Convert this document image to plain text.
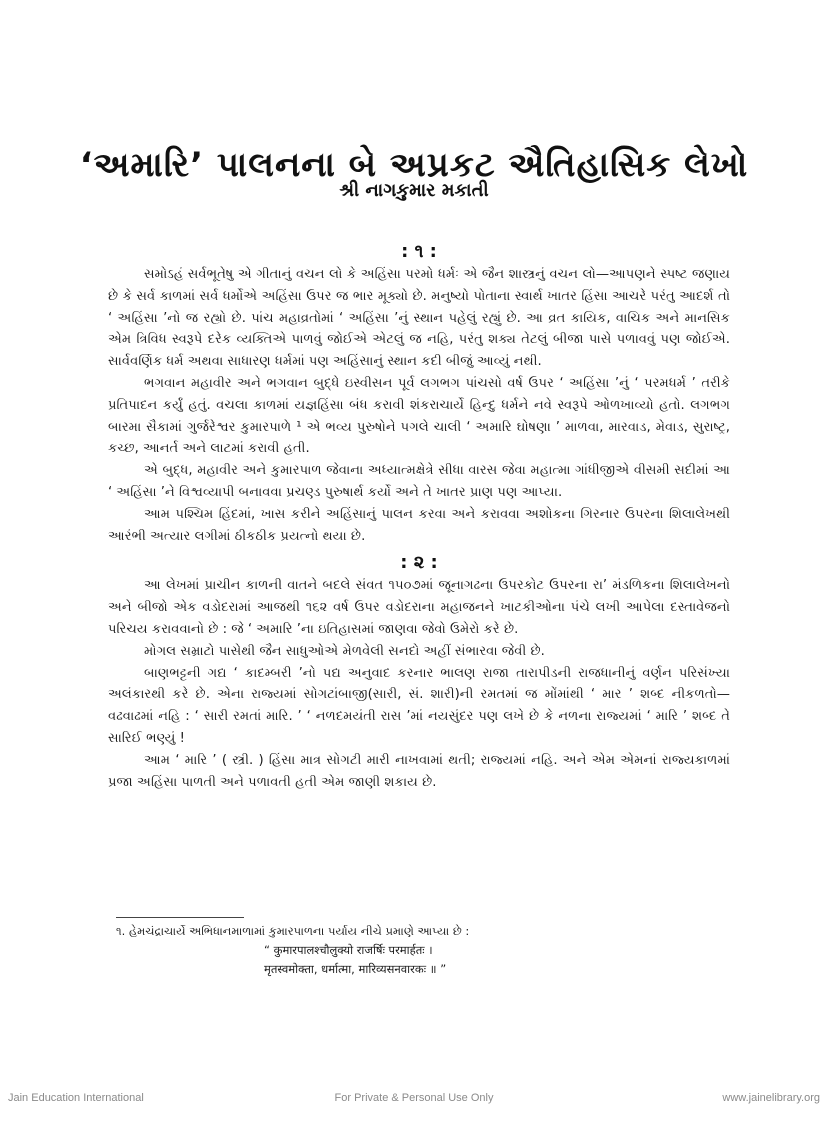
‘અમારિ’ પાલનના બે અપ્રકટ ઐતિહાસિક લેખો
શ્રી નાગકુમાર મકાતી
: ૧ :

સમોઽહં સર્વભૂતેષુ એ ગીતાનું વચન લો કે અહિંસા પરમો ધર્મઃ એ જૈન શાસ્ત્રનું વચન લો—આપણને સ્પષ્ટ જણાય છે કે સર્વ કાળમાં સર્વ ધર્મોએ અહિંસા ઉપર જ ભાર મૂક્યો છે. મનુષ્યો પોતાના સ્વાર્થ ખાતર હિંસા આચરે પરંતુ આદર્શ તો ‘ અહિંસા ’નો જ રહ્યો છે. પાંચ મહાવ્રતોમાં ‘ અહિંસા ’નું સ્થાન પહેલું રહ્યું છે. આ વ્રત કાયિક, વાચિક અને માનસિક એમ ત્રિવિધ સ્વરૂપે દરેક વ્યક્તિએ પાળવું જોઈએ એટલું જ નહિ, પરંતુ શક્ય તેટલું બીજા પાસે પળાવવું પણ જોઈએ. સાર્વવર્ણિક ધર્મ અથવા સાધારણ ધર્મમાં પણ અહિંસાનું સ્થાન કદી બીજું આવ્યું નથી.

ભગવાન મહાવીર અને ભગવાન બુદ્ધે ઇસ્વીસન પૂર્વ લગભગ પાંચસો વર્ષ ઉપર ‘ અહિંસા ’નું ‘ પરમધર્મ ’ તરીકે પ્રતિપાદન કર્યું હતું. વચલા કાળમાં યજ્ઞહિંસા બંધ કરાવી શંકરાચાર્યે હિન્દુ ધર્મને નવે સ્વરૂપે ઓળખાવ્યો હતો. લગભગ બારમા સૈકામાં ગુર્જરેશ્વર કુમારપાળે ¹ એ ભવ્ય પુરુષોને પગલે ચાલી ‘ અમારિ ઘોષણા ’ માળવા, મારવાડ, મેવાડ, સુરાષ્ટ્ર, કચ્છ, આનર્ત અને લાટમાં કરાવી હતી.

એ બુદ્ધ, મહાવીર અને કુમારપાળ જેવાના અધ્યાત્મક્ષેત્રે સીધા વારસ જેવા મહાત્મા ગાંધીજીએ વીસમી સદીમાં આ ‘ અહિંસા ’ને વિશ્વવ્યાપી બનાવવા પ્રચણ્ડ પુરુષાર્થ કર્યો અને તે ખાતર પ્રાણ પણ આપ્યા.

આમ પશ્ચિમ હિંદમાં, ખાસ કરીને અહિંસાનું પાલન કરવા અને કરાવવા અશોકના ગિરનાર ઉપરના શિલાલેખથી આરંભી અત્યાર લગીમાં ઠીકઠીક પ્રયત્નો થયા છે.

: ૨ :

આ લેખમાં પ્રાચીન કાળની વાતને બદલે સંવત ૧૫૦૭માં જૂનાગઢના ઉપરકોટ ઉપરના રા’ મંડળિકના શિલાલેખનો અને બીજો એક વડોદરામાં આજથી ૧૬૨ વર્ષ ઉપર વડોદરાના મહાજનને ખાટકીઓના પંચે લખી આપેલા દસ્તાવેજનો પરિચય કરાવવાનો છે : જે ‘ અમારિ ’ના ઇતિહાસમાં જાણવા જેવો ઉમેરો કરે છે.

મોગલ સમ્રાટો પાસેથી જૈન સાધુઓએ મેળવેલી સનદો અહીં સંભારવા જેવી છે.

બાણભટ્ટની ગદ્ય ‘ કાદમ્બરી ’નો પદ્ય અનુવાદ કરનાર ભાલણ રાજા તારાપીડની રાજધાનીનું વર્ણન પરિસંખ્યા અલંકારથી કરે છે. એના રાજ્યમાં સોગટાંબાજી(સારી, સં. શારી)ની રમતમાં જ મોંમાંથી ‘ માર ’ શબ્દ નીકળતો—વઢવાઢમાં નહિ : ‘ સારી રમતાં મારિ. ’ ‘ નળદમયંતી રાસ ’માં નયસુંદર પણ લખે છે કે નળના રાજ્યમાં ‘ મારિ ’ શબ્દ તે સારિઈ ભણ્યું !

આમ ‘ મારિ ’ ( સ્ત્રી. ) હિંસા માત્ર સોગટી મારી નાખવામાં થતી; રાજ્યમાં નહિ. અને એમ એમનાં રાજ્યકાળમાં પ્રજા અહિંસા પાળતી અને પળાવતી હતી એમ જાણી શકાય છે.

૧. હેમચંદ્રાચાર્યે અભિધાનમાળામાં કુમારપાળના પર્યાય નીચે પ્રમાણે આપ્યા છે :

“ कुमारपालश्चौलुक्यो राजर्षिः परमार्हतः ।

मृतस्वमोक्ता, धर्मात्मा, मारिव्यसनवारकः ॥ ”

Jain Education International	For Private & Personal Use Only	www.jainelibrary.org
